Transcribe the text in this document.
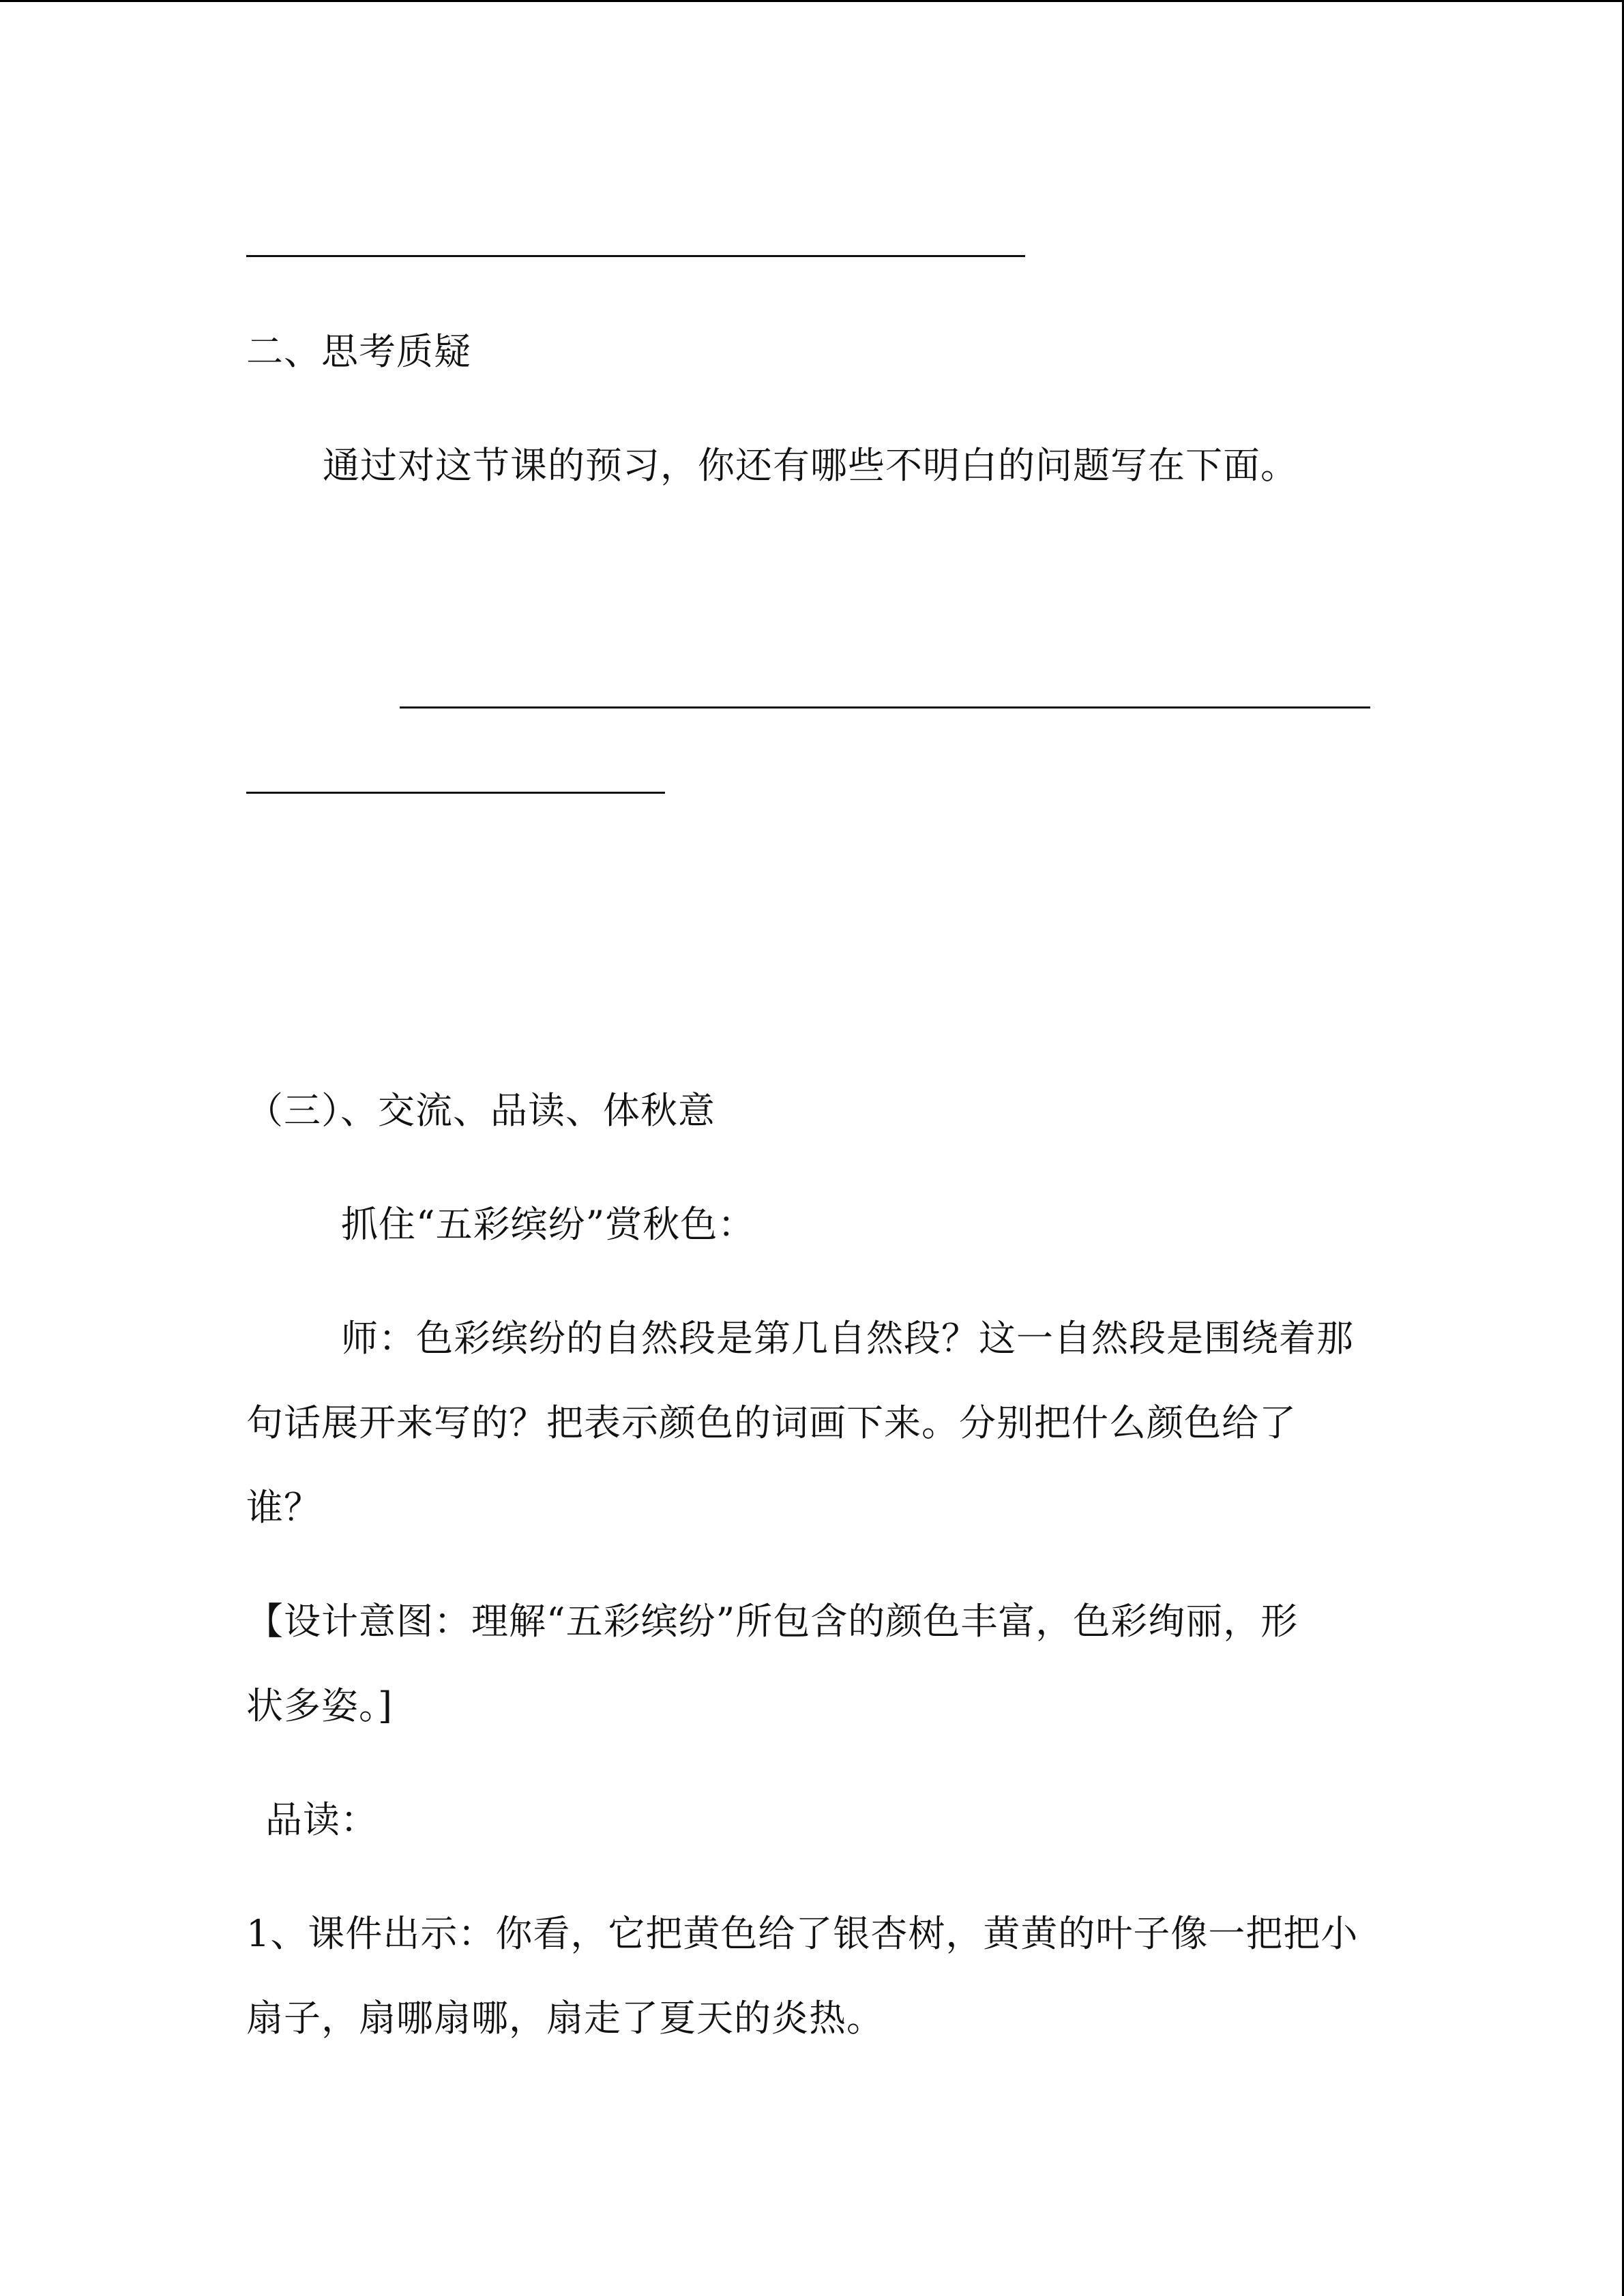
二、思考质疑
通过对这节课的预习，你还有哪些不明白的问题写在下面。
（三）、交流、品读、体秋意
抓住“五彩缤纷”赏秋色：
师：色彩缤纷的自然段是第几自然段？这一自然段是围绕着那
句话展开来写的？把表示颜色的词画下来。分别把什么颜色给了
谁？
【设计意图：理解“五彩缤纷”所包含的颜色丰富，色彩绚丽，形
状多姿。]
品读：
1、课件出示：你看，它把黄色给了银杏树，黄黄的叶子像一把把小
扇子，扇哪扇哪，扇走了夏天的炎热。
